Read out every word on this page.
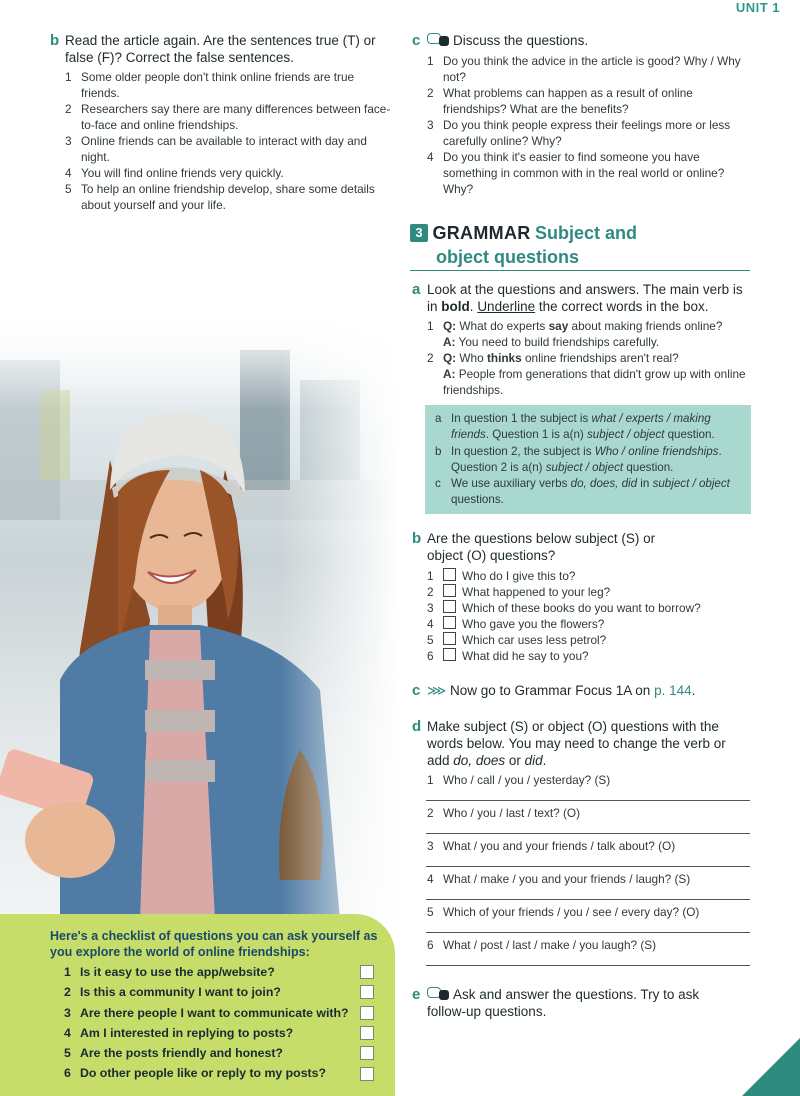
UNIT 1
b Read the article again. Are the sentences true (T) or false (F)? Correct the false sentences.
1 Some older people don't think online friends are true friends.
2 Researchers say there are many differences between face-to-face and online friendships.
3 Online friends can be available to interact with day and night.
4 You will find online friends very quickly.
5 To help an online friendship develop, share some details about yourself and your life.
c	Discuss the questions.
1 Do you think the advice in the article is good? Why / Why not?
2 What problems can happen as a result of online friendships? What are the benefits?
3 Do you think people express their feelings more or less carefully online? Why?
4 Do you think it's easier to find someone you have something in common with in the real world or online? Why?
3 GRAMMAR Subject and
object questions
a Look at the questions and answers. The main verb is in bold. Underline the correct words in the box.
1 Q: What do experts say about making friends online?
A: You need to build friendships carefully.
2 Q: Who thinks online friendships aren't real?
A: People from generations that didn't grow up with online friendships.
a In question 1 the subject is what / experts / making friends. Question 1 is a(n) subject / object question.
b In question 2, the subject is Who / online friendships. Question 2 is a(n) subject / object question.
c We use auxiliary verbs do, does, did in subject / object questions.
b Are the questions below subject (S) or object (O) questions?
1	Who do I give this to?
2	What happened to your leg?
3	Which of these books do you want to borrow?
4	Who gave you the flowers?
5	Which car uses less petrol?
6	What did he say to you?
c ⋙ Now go to Grammar Focus 1A on p. 144.
d Make subject (S) or object (O) questions with the words below. You may need to change the verb or add do, does or did.
1 Who / call / you / yesterday? (S)
2 Who / you / last / text? (O)
3 What / you and your friends / talk about? (O)
4 What / make / you and your friends / laugh? (S)
5 Which of your friends / you / see / every day? (O)
6 What / post / last / make / you laugh? (S)
e	Ask and answer the questions. Try to ask follow-up questions.
Here's a checklist of questions you can ask yourself as you explore the world of online friendships:
1 Is it easy to use the app/website?
2 Is this a community I want to join?
3 Are there people I want to communicate with?
4 Am I interested in replying to posts?
5 Are the posts friendly and honest?
6 Do other people like or reply to my posts?
